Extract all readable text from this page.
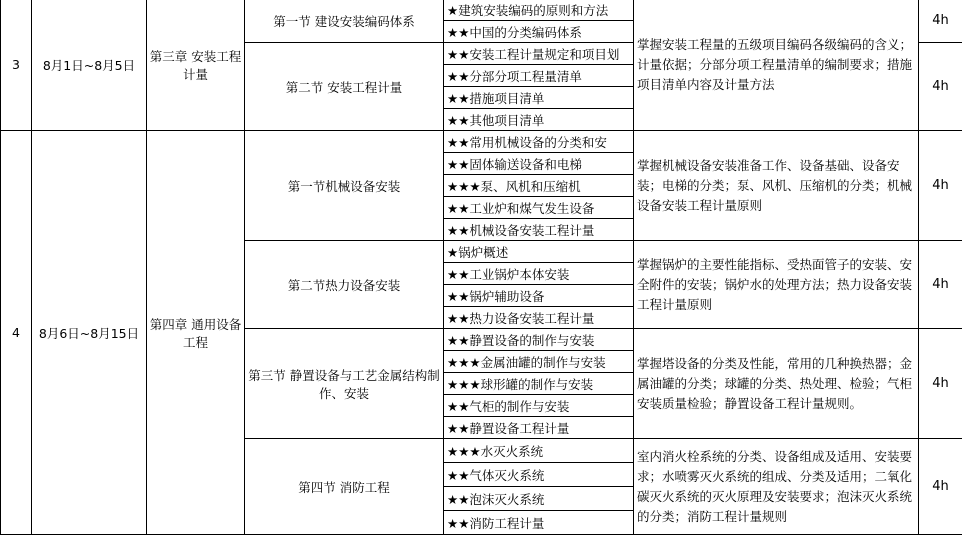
3	8月1日~8月5日	第三章 安装工程计量	第一节 建设安装编码体系	★建筑安装编码的原则和方法	掌握安装工程量的五级项目编码各级编码的含义；计量依据；分部分项工程量清单的编制要求；措施项目清单内容及计量方法	4h
				★★中国的分类编码体系		
			第二节 安装工程计量	★★安装工程计量规定和项目划		4h
				★★分部分项工程量清单		
				★★措施项目清单		
				★★其他项目清单		
4	8月6日~8月15日	第四章 通用设备工程	第一节机械设备安装	★★常用机械设备的分类和安	掌握机械设备安装准备工作、设备基础、设备安装；电梯的分类；泵、风机、压缩机的分类；机械设备安装工程计量原则	4h
				★★固体输送设备和电梯		
				★★★泵、风机和压缩机		
				★★工业炉和煤气发生设备		
				★★机械设备安装工程计量		
			第二节热力设备安装	★锅炉概述	掌握锅炉的主要性能指标、受热面管子的安装、安全附件的安装；锅炉水的处理方法；热力设备安装工程计量原则	4h
				★★工业锅炉本体安装		
				★★锅炉辅助设备		
				★★热力设备安装工程计量		
			第三节 静置设备与工艺金属结构制作、安装	★★静置设备的制作与安装	掌握塔设备的分类及性能，常用的几种换热器；金属油罐的分类；球罐的分类、热处理、检验；气柜安装质量检验；静置设备工程计量规则。	4h
				★★★金属油罐的制作与安装		
				★★★球形罐的制作与安装		
				★★气柜的制作与安装		
				★★静置设备工程计量		
			第四节 消防工程	★★★水灭火系统	室内消火栓系统的分类、设备组成及适用、安装要求；水喷雾灭火系统的组成、分类及适用；二氧化碳灭火系统的灭火原理及安装要求；泡沫灭火系统的分类；消防工程计量规则	4h
				★★气体灭火系统		
				★★泡沫灭火系统		
				★★消防工程计量		
